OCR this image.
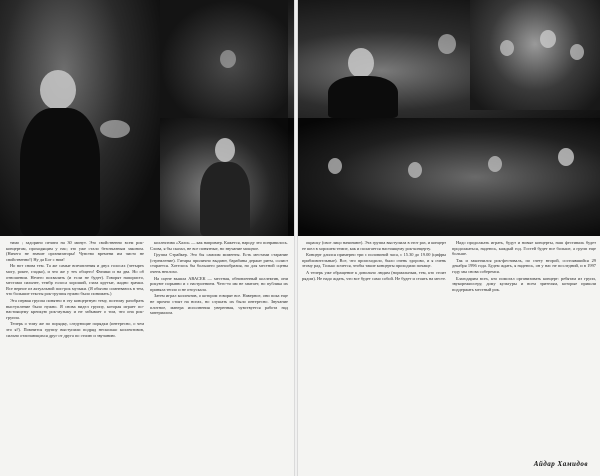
тимо ; задорино печати на 30 минут. Это свойственно всем рок-концертам, проходящим у нас; это уже стало безотказным законом. (Ничего не значит организаторы! Чувство времени им чисто не свойственно!) Ну да Бог с ним!

Но вот снова тем. Та же самые впечатления и двух голосах (четырех могу, рокее, гладко), и что же у тех общего! Физики и на два. Но об отношении. Нечего похвалить (и если не будет). Говорят напористо, местами сильнее, тембр голоса хороший, глаза крутые, жадно зрачки. Все верное из актуальной поп-рок музыки. (Я обычно сомневаюсь в тем, что большие тексты рок-группы нужно было понимать.)

Эта первая группа понятно в эту концертную тему, поэтому разобрать выступление было нужно. Я снова видел группу, которая играет по-настоящему крепкую рок-музыку и не забывает о том, что она рок-группа.

Теперь о тому же по порядку, следующие порядки (интересно, о чем это я?). Помнится группу выступили подряд несколько коллективов, сильно отличающихся друг от друга по стилю и звучанию.

коллектива «Хали» — как например. Кажется, народу это понравилось. Слова, я бы сказал, не все понятные, но звучание мощное.

Группа Страйкер. Это бы самоим моменты. Есть местами старание (стремление). Гитары прилично выдают, барабаны держат ритм, солист старается. Хотелось бы большего разнообразия, но для местной сцены очень неплохо.

На сцене вышла АВАСЕК — местная, обновленный коллектив, они рокуют порывно и с настроением. Чего-то им не хватает, но публика их приняла тепло и не отпускала.

Затем играл коллектив, о котором говорят все. Наверное, они пока еще не прочно стоят на ногах, но слушать их было интересно. Звучание плотное, манера исполнения уверенная, чувствуется работа над материалом.

окраску (свое лицо начинают). Эта группа выступила в этот раз, и концерт ее шел в хорошем темпе, как и полагается настоящему рок-концерту.

Концерт длился примерно три с половиной часа, с 15.30 до 19.00 (цифры приблизительные). Все, что происходило, было очень здорово, и я очень этому рад. Только хочется, чтобы такие концерты проходили почаще.

А теперь уже обращение к довольно людям (нормальным, тем, кто стоит рядом). Не надо ждать, что все будет само собой. Не будет и стоять на месте.

Надо продолжать играть, будут и новые концерты, наш фестиваль будет продолжаться, надеюсь, каждый год. Гостей будет все больше, а групп еще больше.

Так и закончился рок-фестиваль, по счету второй, состоявшийся 29 декабря 1996 года. Будем ждать, я надеюсь, он у нас не последний, и в 1997 году мы снова соберемся.

Благодарим всех, кто помогал организовать концерт: ребятам из групп, звукорежиссеру, дому культуры и всем зрителям, которые пришли поддержать местный рок.

Айдар Хамидов
